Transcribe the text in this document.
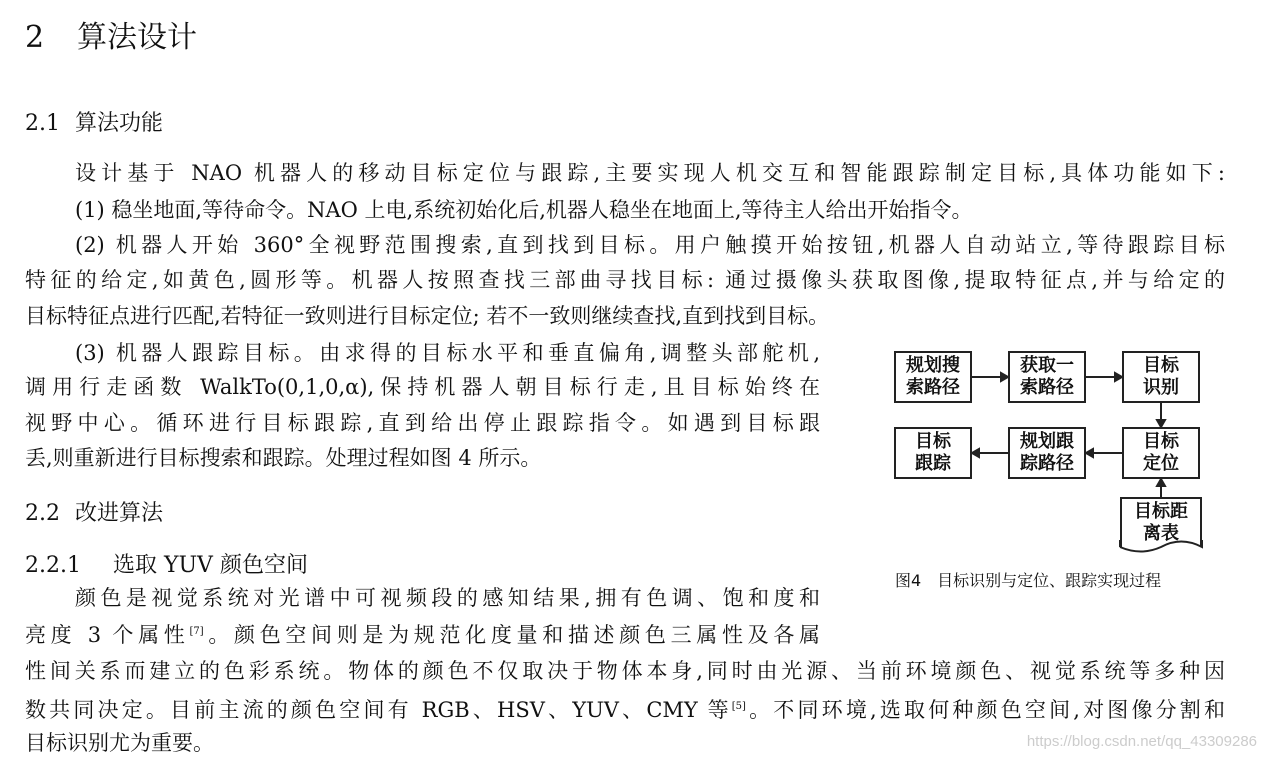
2 算法设计
2.1 算法功能
设计基于 NAO 机器人的移动目标定位与跟踪,主要实现人机交互和智能跟踪制定目标,具体功能如下:
(1) 稳坐地面,等待命令。NAO 上电,系统初始化后,机器人稳坐在地面上,等待主人给出开始指令。
(2) 机器人开始 360°全视野范围搜索,直到找到目标。用户触摸开始按钮,机器人自动站立,等待跟踪目标
特征的给定,如黄色,圆形等。机器人按照查找三部曲寻找目标: 通过摄像头获取图像,提取特征点,并与给定的
目标特征点进行匹配,若特征一致则进行目标定位; 若不一致则继续查找,直到找到目标。
(3) 机器人跟踪目标。由求得的目标水平和垂直偏角,调整头部舵机,
调用行走函数 WalkTo(0,1,0,α),保持机器人朝目标行走,且目标始终在
视野中心。循环进行目标跟踪,直到给出停止跟踪指令。如遇到目标跟
丢,则重新进行目标搜索和跟踪。处理过程如图 4 所示。
2.2 改进算法
2.2.1 选取 YUV 颜色空间
颜色是视觉系统对光谱中可视频段的感知结果,拥有色调、饱和度和
亮度 3 个属性[7]。颜色空间则是为规范化度量和描述颜色三属性及各属
性间关系而建立的色彩系统。物体的颜色不仅取决于物体本身,同时由光源、当前环境颜色、视觉系统等多种因
数共同决定。目前主流的颜色空间有 RGB、HSV、YUV、CMY 等[5]。不同环境,选取何种颜色空间,对图像分割和
目标识别尤为重要。
规划搜索路径
获取一索路径
目标识别
目标跟踪
规划跟踪路径
目标定位
目标距离表
图4　目标识别与定位、跟踪实现过程
https://blog.csdn.net/qq_43309286
